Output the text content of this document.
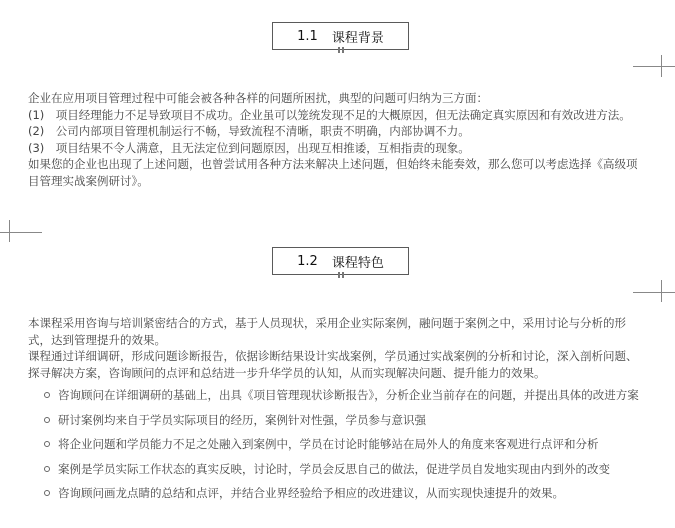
1.1 课程背景
企业在应用项目管理过程中可能会被各种各样的问题所困扰，典型的问题可归纳为三方面：
(1)　项目经理能力不足导致项目不成功。企业虽可以笼统发现不足的大概原因，但无法确定真实原因和有效改进方法。
(2)　公司内部项目管理机制运行不畅，导致流程不清晰，职责不明确，内部协调不力。
(3)　项目结果不令人满意，且无法定位到问题原因，出现互相推诿，互相指责的现象。
如果您的企业也出现了上述问题，也曾尝试用各种方法来解决上述问题，但始终未能奏效，那么您可以考虑选择《高级项目管理实战案例研讨》。
1.2 课程特色
本课程采用咨询与培训紧密结合的方式，基于人员现状，采用企业实际案例，融问题于案例之中，采用讨论与分析的形式，达到管理提升的效果。
课程通过详细调研，形成问题诊断报告，依据诊断结果设计实战案例，学员通过实战案例的分析和讨论，深入剖析问题、探寻解决方案，咨询顾问的点评和总结进一步升华学员的认知，从而实现解决问题、提升能力的效果。
咨询顾问在详细调研的基础上，出具《项目管理现状诊断报告》，分析企业当前存在的问题，并提出具体的改进方案
研讨案例均来自于学员实际项目的经历，案例针对性强，学员参与意识强
将企业问题和学员能力不足之处融入到案例中，学员在讨论时能够站在局外人的角度来客观进行点评和分析
案例是学员实际工作状态的真实反映，讨论时，学员会反思自己的做法，促进学员自发地实现由内到外的改变
咨询顾问画龙点睛的总结和点评，并结合业界经验给予相应的改进建议，从而实现快速提升的效果。
